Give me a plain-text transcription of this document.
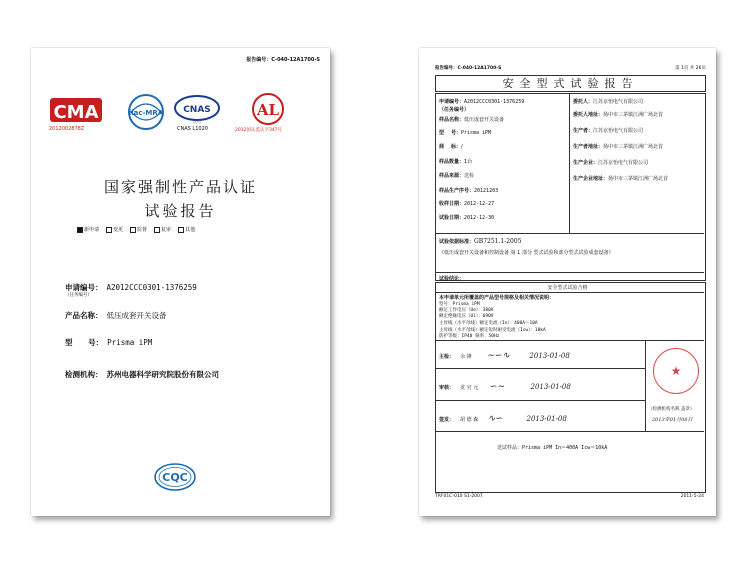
报告编号：C-040-12A1700-S
CMA
2012002878Z
ilac-MRA CNAS
认可
CNAS L1020
AL
2012国认监认字347号
国家强制性产品认证
试验报告
新申请	变更	监督	复审	其他
申请编号： A2012CCC0301-1376259
（任务编号）
产品名称： 低压成套开关设备
型      号： Prisma iPM
检测机构： 苏州电器科学研究院股份有限公司
CQC
报告编号：C-040-12A1700-S	第 1页 共 26页
安全型式试验报告
申请编号：A2012CCC0301-1376259
（任务编号）
样品名称：低压成套开关设备
型    号：Prisma iPM
商    标：/
样品数量：1台
样品来源：送检
样品生产序号：20121203
收样日期：2012-12-27
试验日期：2012-12-30
委托人：江苏京怡电气有限公司
委托人地址：扬中市三茅镇江洲广场北首
生产者：江苏京怡电气有限公司
生产者地址：扬中市三茅镇江洲广场北首
生产企业：江苏京怡电气有限公司
生产企业地址：扬中市三茅镇江洲广场北首
试验依据标准：GB7251.1-2005
《低压成套开关设备和控制设备 第 1 部分 型式试验和部分型式试验成套设备》
试验结论：
安全型式试验合格
本申请单元所覆盖的产品型号规格及相关情况说明：
型号：Prisma iPM
额定工作电压（Ue）：380V
额定绝缘电压（Ui）：690V
主母线（水平母线）额定电流（In）：400A～10A
主母线（水平母线）额定短时耐受电流（Icw）：10kA
防护等级：IP40 频率：50Hz
主检： 余 锋 ∼∽∿	2013-01-08
审核： 龙 官 元 ∽∼	2013-01-08
签发： 胡 德 森 ∿∽	2013-01-08
★
（检测机构名称 盖章）
2013年01月08日
送试样品：Prisma iPM In＝400A Icw＝10kA
TRF01C-010 S1-2007	2011-5-24
